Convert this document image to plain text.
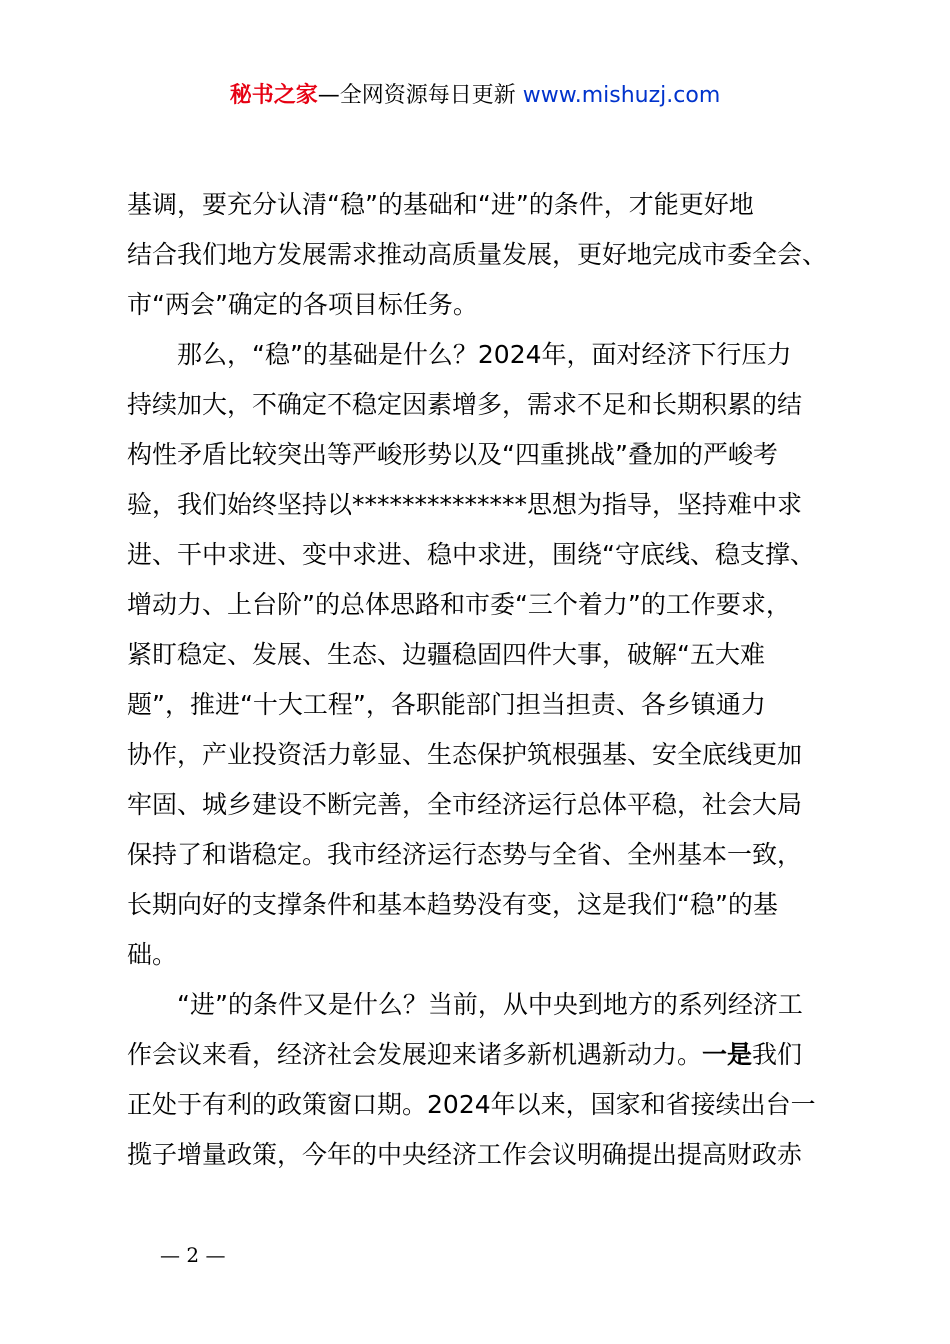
秘书之家—全网资源每日更新 www.mishuzj.com
基调，要充分认清“稳”的基础和“进”的条件，才能更好地
结合我们地方发展需求推动高质量发展，更好地完成市委全会、
市“两会”确定的各项目标任务。
那么，“稳”的基础是什么？2024年，面对经济下行压力
持续加大，不确定不稳定因素增多，需求不足和长期积累的结
构性矛盾比较突出等严峻形势以及“四重挑战”叠加的严峻考
验，我们始终坚持以**************思想为指导，坚持难中求
进、干中求进、变中求进、稳中求进，围绕“守底线、稳支撑、
增动力、上台阶”的总体思路和市委“三个着力”的工作要求，
紧盯稳定、发展、生态、边疆稳固四件大事，破解“五大难
题”，推进“十大工程”，各职能部门担当担责、各乡镇通力
协作，产业投资活力彰显、生态保护筑根强基、安全底线更加
牢固、城乡建设不断完善，全市经济运行总体平稳，社会大局
保持了和谐稳定。我市经济运行态势与全省、全州基本一致，
长期向好的支撑条件和基本趋势没有变，这是我们“稳”的基
础。
“进”的条件又是什么？当前，从中央到地方的系列经济工
作会议来看，经济社会发展迎来诸多新机遇新动力。一是我们
正处于有利的政策窗口期。2024年以来，国家和省接续出台一
揽子增量政策，今年的中央经济工作会议明确提出提高财政赤
— 2 —
